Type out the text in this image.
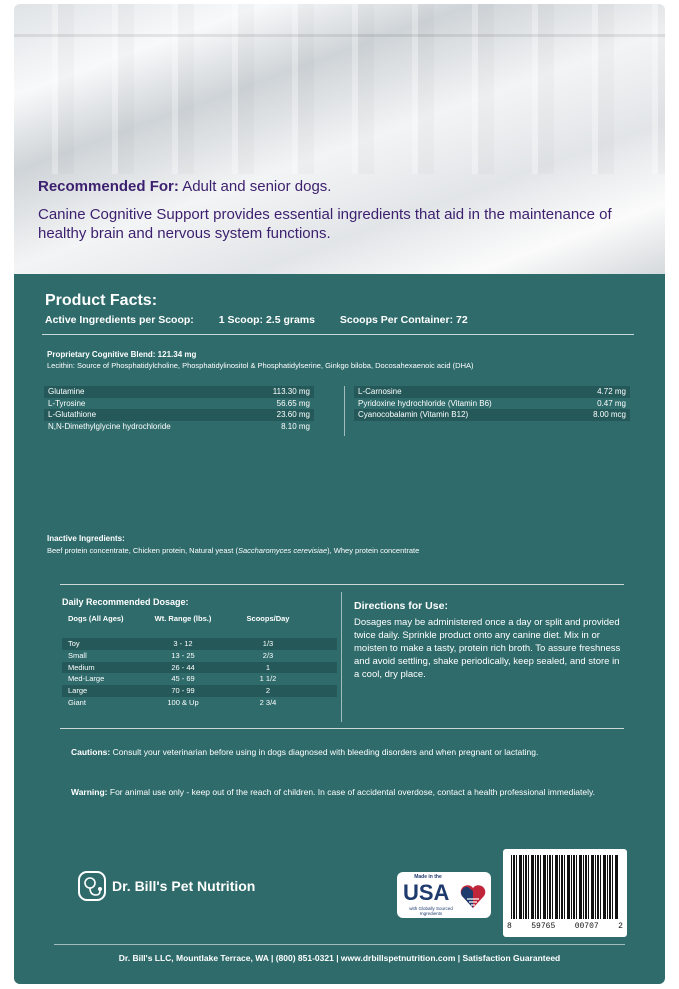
Recommended For: Adult and senior dogs.

Canine Cognitive Support provides essential ingredients that aid in the maintenance of healthy brain and nervous system functions.
Product Facts:
Active Ingredients per Scoop: 1 Scoop: 2.5 grams Scoops Per Container: 72
Proprietary Cognitive Blend: 121.34 mg
Lecithin: Source of Phosphatidylcholine, Phosphatidylinositol & Phosphatidylserine, Ginkgo biloba, Docosahexaenoic acid (DHA)
Glutamine	113.30 mg
L-Tyrosine	56.65 mg
L-Glutathione	23.60 mg
N,N-Dimethylglycine hydrochloride	8.10 mg
L-Carnosine	4.72 mg
Pyridoxine hydrochloride (Vitamin B6)	0.47 mg
Cyanocobalamin (Vitamin B12)	8.00 mcg
Inactive Ingredients:
Beef protein concentrate, Chicken protein, Natural yeast (Saccharomyces cerevisiae), Whey protein concentrate
Daily Recommended Dosage:
Dogs (All Ages)	Wt. Range (lbs.)	Scoops/Day
Toy	3 - 12	1/3
Small	13 - 25	2/3
Medium	26 - 44	1
Med-Large	45 - 69	1 1/2
Large	70 - 99	2
Giant	100 & Up	2 3/4
Directions for Use:
Dosages may be administered once a day or split and provided twice daily. Sprinkle product onto any canine diet. Mix in or moisten to make a tasty, protein rich broth. To assure freshness and avoid settling, shake periodically, keep sealed, and store in a cool, dry place.
Cautions: Consult your veterinarian before using in dogs diagnosed with bleeding disorders and when pregnant or lactating.
Warning: For animal use only - keep out of the reach of children. In case of accidental overdose, contact a health professional immediately.
Dr. Bill's Pet Nutrition
Made in the
USA
with Globally Sourced Ingredients
8 59765 00707 2
Dr. Bill's LLC, Mountlake Terrace, WA | (800) 851-0321 | www.drbillspetnutrition.com | Satisfaction Guaranteed
